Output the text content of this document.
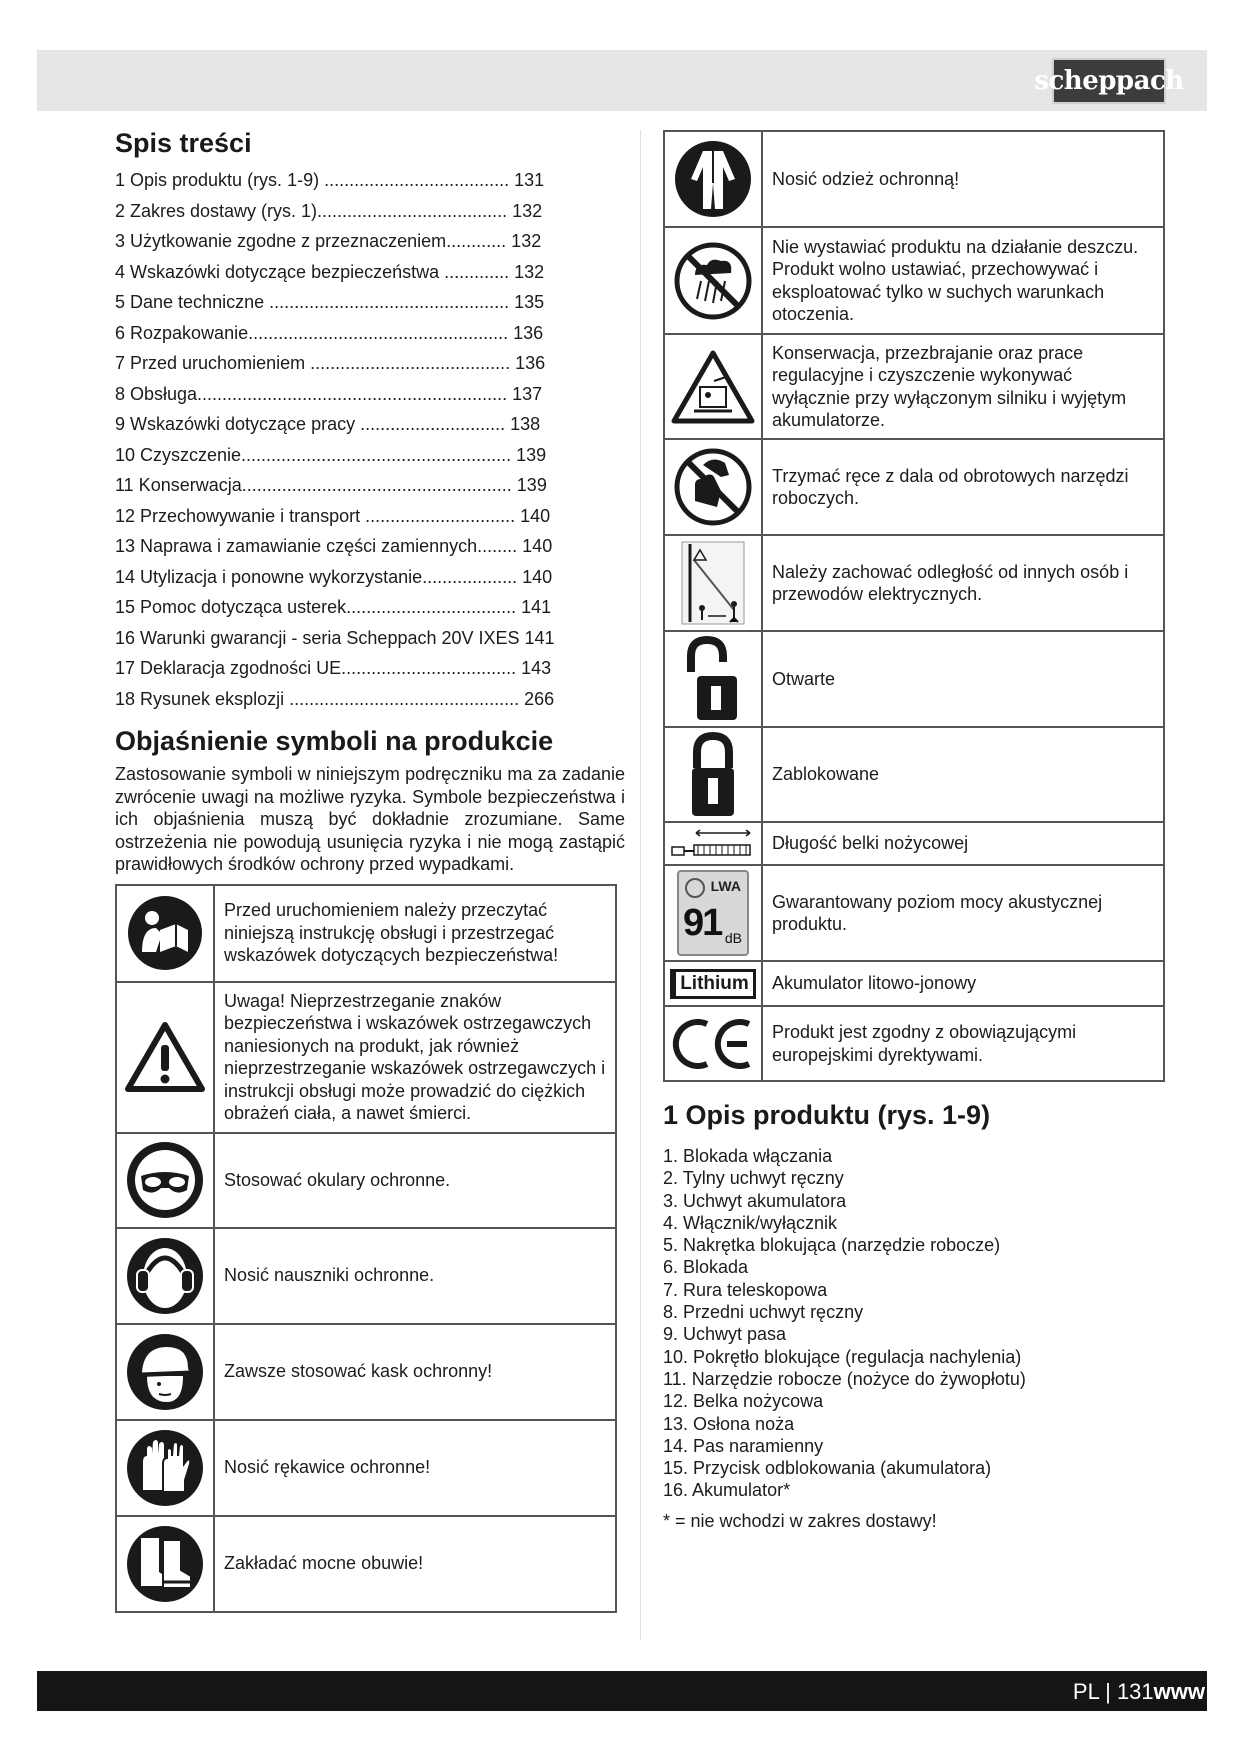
scheppach
Spis treści
1 Opis produktu (rys. 1-9) ..................................... 131
2 Zakres dostawy (rys. 1)...................................... 132
3 Użytkowanie zgodne z przeznaczeniem............ 132
4 Wskazówki dotyczące bezpieczeństwa ............. 132
5 Dane techniczne ................................................ 135
6 Rozpakowanie.................................................... 136
7 Przed uruchomieniem ........................................ 136
8 Obsługa.............................................................. 137
9 Wskazówki dotyczące pracy ............................. 138
10 Czyszczenie...................................................... 139
11 Konserwacja...................................................... 139
12 Przechowywanie i transport .............................. 140
13 Naprawa i zamawianie części zamiennych........ 140
14 Utylizacja i ponowne wykorzystanie................... 140
15 Pomoc dotycząca usterek.................................. 141
16 Warunki gwarancji - seria Scheppach 20V IXES 141
17 Deklaracja zgodności UE................................... 143
18 Rysunek eksplozji .............................................. 266
Objaśnienie symboli na produkcie

Zastosowanie symboli w niniejszym podręczniku ma za zadanie zwrócenie uwagi na możliwe ryzyka. Symbole bezpieczeństwa i ich objaśnienia muszą być dokładnie zrozumiane. Same ostrzeżenia nie powodują usunięcia ryzyka i nie mogą zastąpić prawidłowych środków ochrony przed wypadkami.

	Przed uruchomieniem należy przeczytać niniejszą instrukcję obsługi i przestrzegać wskazówek dotyczących bezpieczeństwa!

	Uwaga! Nieprzestrzeganie znaków bezpieczeństwa i wskazówek ostrzegawczych naniesionych na produkt, jak również nieprzestrzeganie wskazówek ostrzegawczych i instrukcji obsługi może prowadzić do ciężkich obrażeń ciała, a nawet śmierci.

	Stosować okulary ochronne.

	Nosić nauszniki ochronne.

	Zawsze stosować kask ochronny!

	Nosić rękawice ochronne!

	Zakładać mocne obuwie!
	Nosić odzież ochronną!

	Nie wystawiać produktu na działanie deszczu. Produkt wolno ustawiać, przechowywać i eksploatować tylko w suchych warunkach otoczenia.

	Konserwacja, przezbrajanie oraz prace regulacyjne i czyszczenie wykonywać wyłącznie przy wyłączonym silniku i wyjętym akumulatorze.

	Trzymać ręce z dala od obrotowych narzędzi roboczych.

	Należy zachować odległość od innych osób i przewodów elektrycznych.

	Otwarte

	Zablokowane

	Długość belki nożycowej

LWA
91 dB	Gwarantowany poziom mocy akustycznej produktu.
Lithium	Akumulator litowo-jonowy

	Produkt jest zgodny z obowiązującymi europejskimi dyrektywami.
1 Opis produktu (rys. 1-9)
1. Blokada włączania
2. Tylny uchwyt ręczny
3. Uchwyt akumulatora
4. Włącznik/wyłącznik
5. Nakrętka blokująca (narzędzie robocze)
6. Blokada
7. Rura teleskopowa
8. Przedni uchwyt ręczny
9. Uchwyt pasa
10. Pokrętło blokujące (regulacja nachylenia)
11. Narzędzie robocze (nożyce do żywopłotu)
12. Belka nożycowa
13. Osłona noża
14. Pas naramienny
15. Przycisk odblokowania (akumulatora)
16. Akumulator*
* = nie wchodzi w zakres dostawy!
PL | 131www
